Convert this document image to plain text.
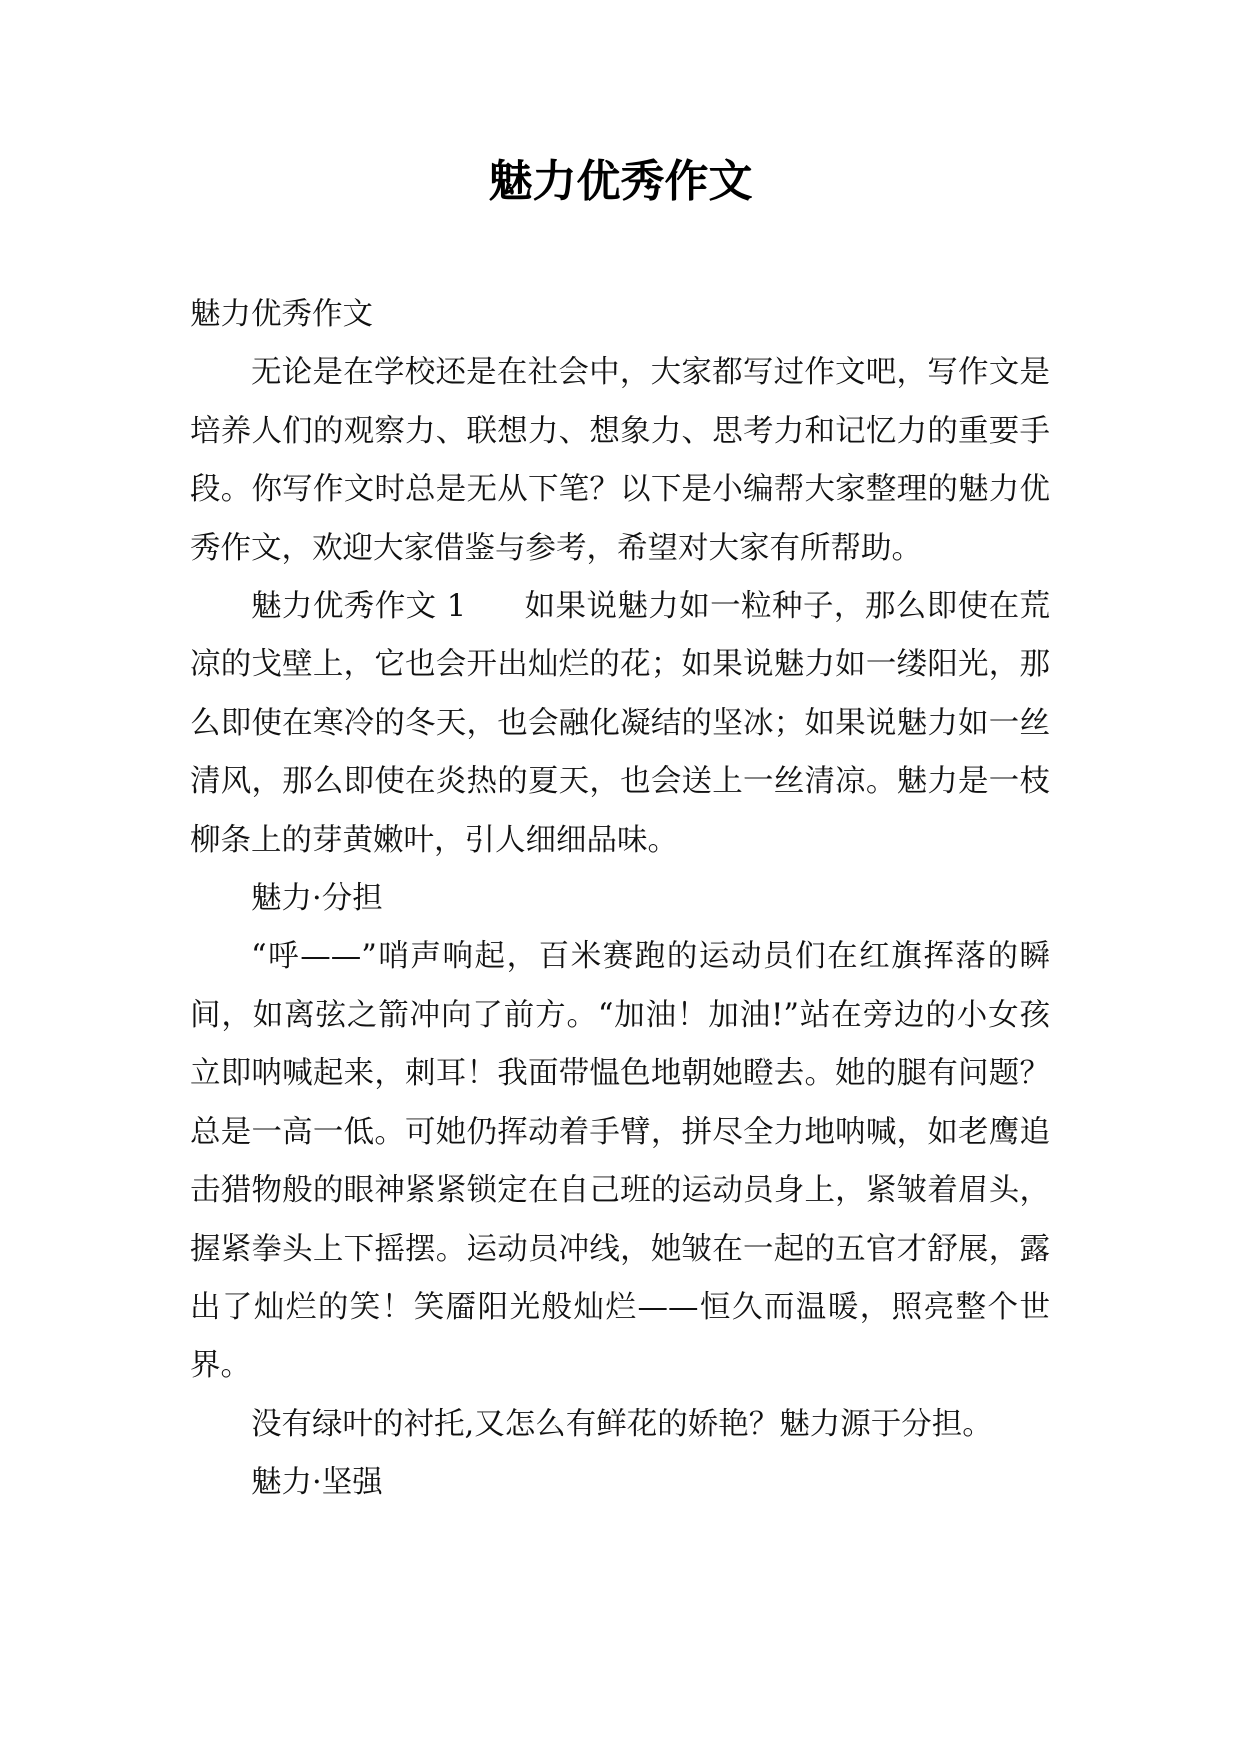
魅力优秀作文

魅力优秀作文

无论是在学校还是在社会中，大家都写过作文吧，写作文是培养人们的观察力、联想力、想象力、思考力和记忆力的重要手段。你写作文时总是无从下笔？以下是小编帮大家整理的魅力优秀作文，欢迎大家借鉴与参考，希望对大家有所帮助。

魅力优秀作文 1 如果说魅力如一粒种子，那么即使在荒凉的戈壁上，它也会开出灿烂的花；如果说魅力如一缕阳光，那么即使在寒冷的冬天，也会融化凝结的坚冰；如果说魅力如一丝清风，那么即使在炎热的夏天，也会送上一丝清凉。魅力是一枝柳条上的芽黄嫩叶，引人细细品味。

魅力·分担

“呼——”哨声响起，百米赛跑的运动员们在红旗挥落的瞬间，如离弦之箭冲向了前方。“加油！加油!”站在旁边的小女孩立即呐喊起来，刺耳！我面带愠色地朝她瞪去。她的腿有问题？总是一高一低。可她仍挥动着手臂，拼尽全力地呐喊，如老鹰追击猎物般的眼神紧紧锁定在自己班的运动员身上，紧皱着眉头，握紧拳头上下摇摆。运动员冲线，她皱在一起的五官才舒展，露出了灿烂的笑！笑靥阳光般灿烂——恒久而温暖，照亮整个世界。

没有绿叶的衬托,又怎么有鲜花的娇艳？魅力源于分担。

魅力·坚强
